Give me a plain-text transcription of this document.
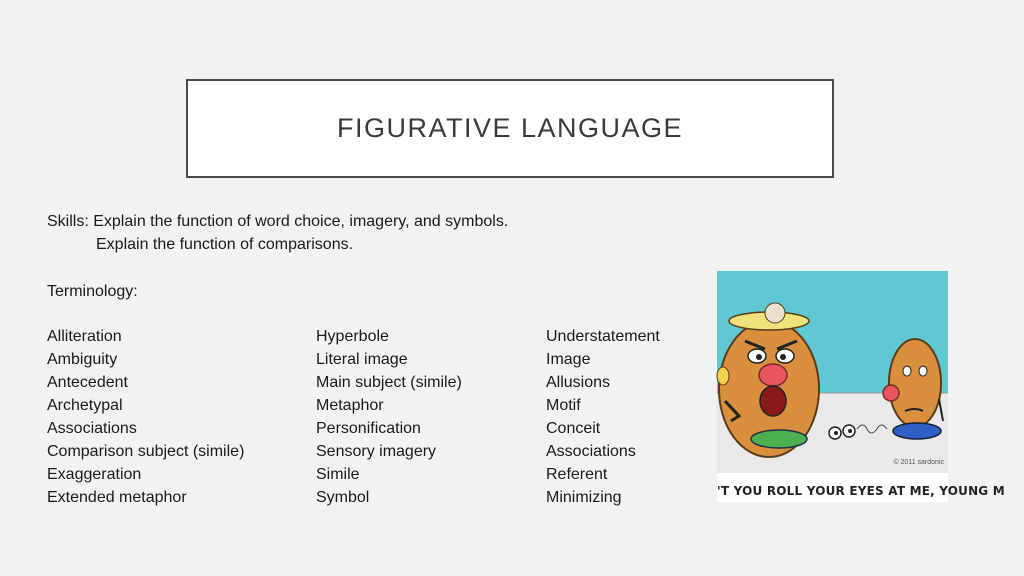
FIGURATIVE LANGUAGE
Skills: Explain the function of word choice, imagery, and symbols.
Explain the function of comparisons.
Terminology:
Alliteration
Ambiguity
Antecedent
Archetypal
Associations
Comparison subject (simile)
Exaggeration
Extended metaphor
Hyperbole
Literal image
Main subject (simile)
Metaphor
Personification
Sensory imagery
Simile
Symbol
Understatement
Image
Allusions
Motif
Conceit
Associations
Referent
Minimizing
© 2011 sardonic
'T YOU ROLL YOUR EYES AT ME, YOUNG M
